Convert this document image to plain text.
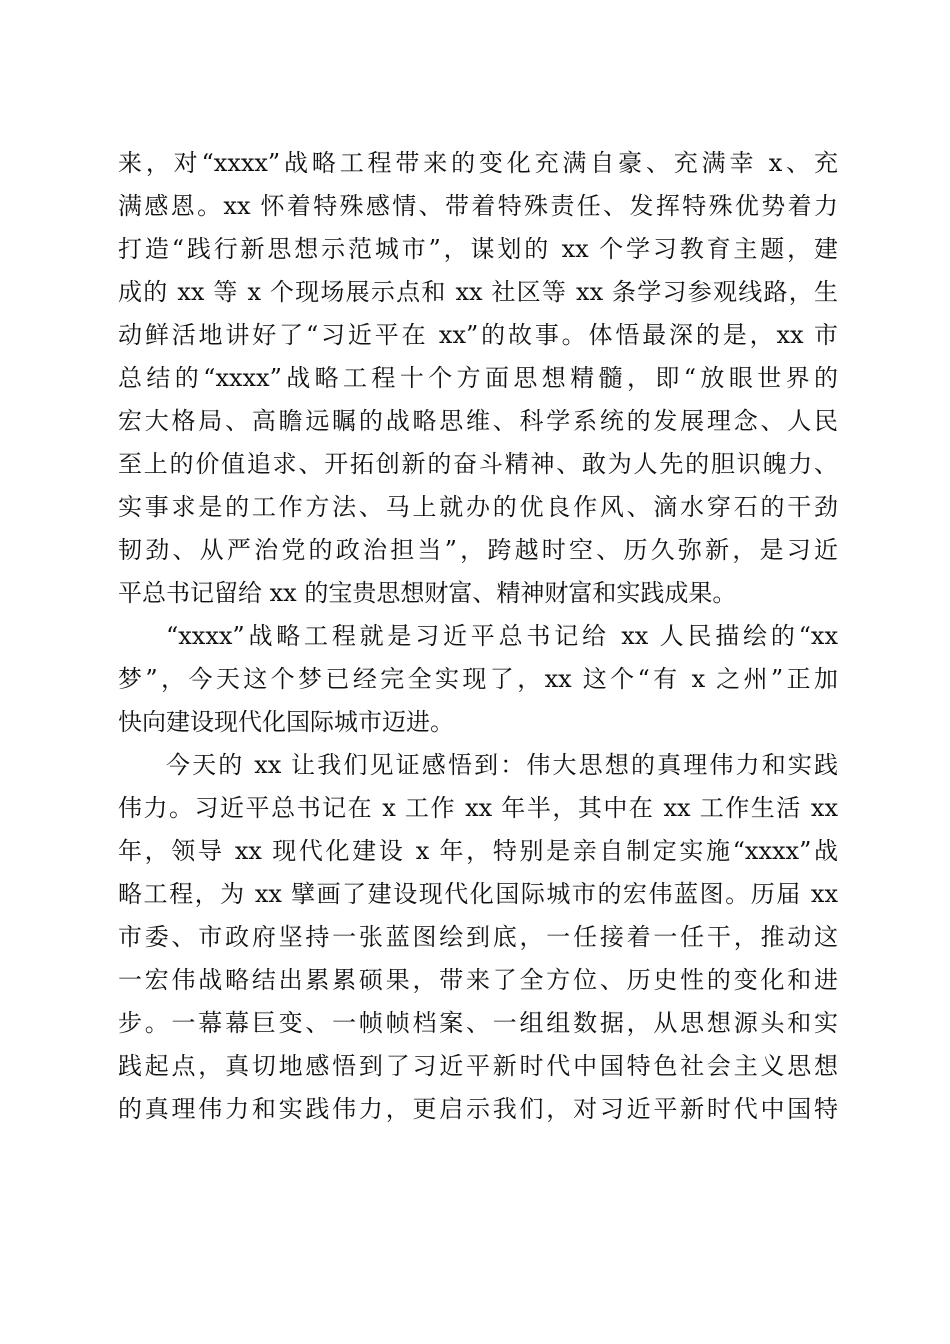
来，对“xxxx”战略工程带来的变化充满自豪、充满幸 x、充
满感恩。xx 怀着特殊感情、带着特殊责任、发挥特殊优势着力
打造“践行新思想示范城市”，谋划的 xx 个学习教育主题，建
成的 xx 等 x 个现场展示点和 xx 社区等 xx 条学习参观线路，生
动鲜活地讲好了“习近平在 xx”的故事。体悟最深的是，xx 市
总结的“xxxx”战略工程十个方面思想精髓，即“放眼世界的
宏大格局、高瞻远瞩的战略思维、科学系统的发展理念、人民
至上的价值追求、开拓创新的奋斗精神、敢为人先的胆识魄力、
实事求是的工作方法、马上就办的优良作风、滴水穿石的干劲
韧劲、从严治党的政治担当”，跨越时空、历久弥新，是习近
平总书记留给 xx 的宝贵思想财富、精神财富和实践成果。
“xxxx”战略工程就是习近平总书记给 xx 人民描绘的“xx
梦”，今天这个梦已经完全实现了，xx 这个“有 x 之州”正加
快向建设现代化国际城市迈进。
今天的 xx 让我们见证感悟到：伟大思想的真理伟力和实践
伟力。习近平总书记在 x 工作 xx 年半，其中在 xx 工作生活 xx
年，领导 xx 现代化建设 x 年，特别是亲自制定实施“xxxx”战
略工程，为 xx 擘画了建设现代化国际城市的宏伟蓝图。历届 xx
市委、市政府坚持一张蓝图绘到底，一任接着一任干，推动这
一宏伟战略结出累累硕果，带来了全方位、历史性的变化和进
步。一幕幕巨变、一帧帧档案、一组组数据，从思想源头和实
践起点，真切地感悟到了习近平新时代中国特色社会主义思想
的真理伟力和实践伟力，更启示我们，对习近平新时代中国特
